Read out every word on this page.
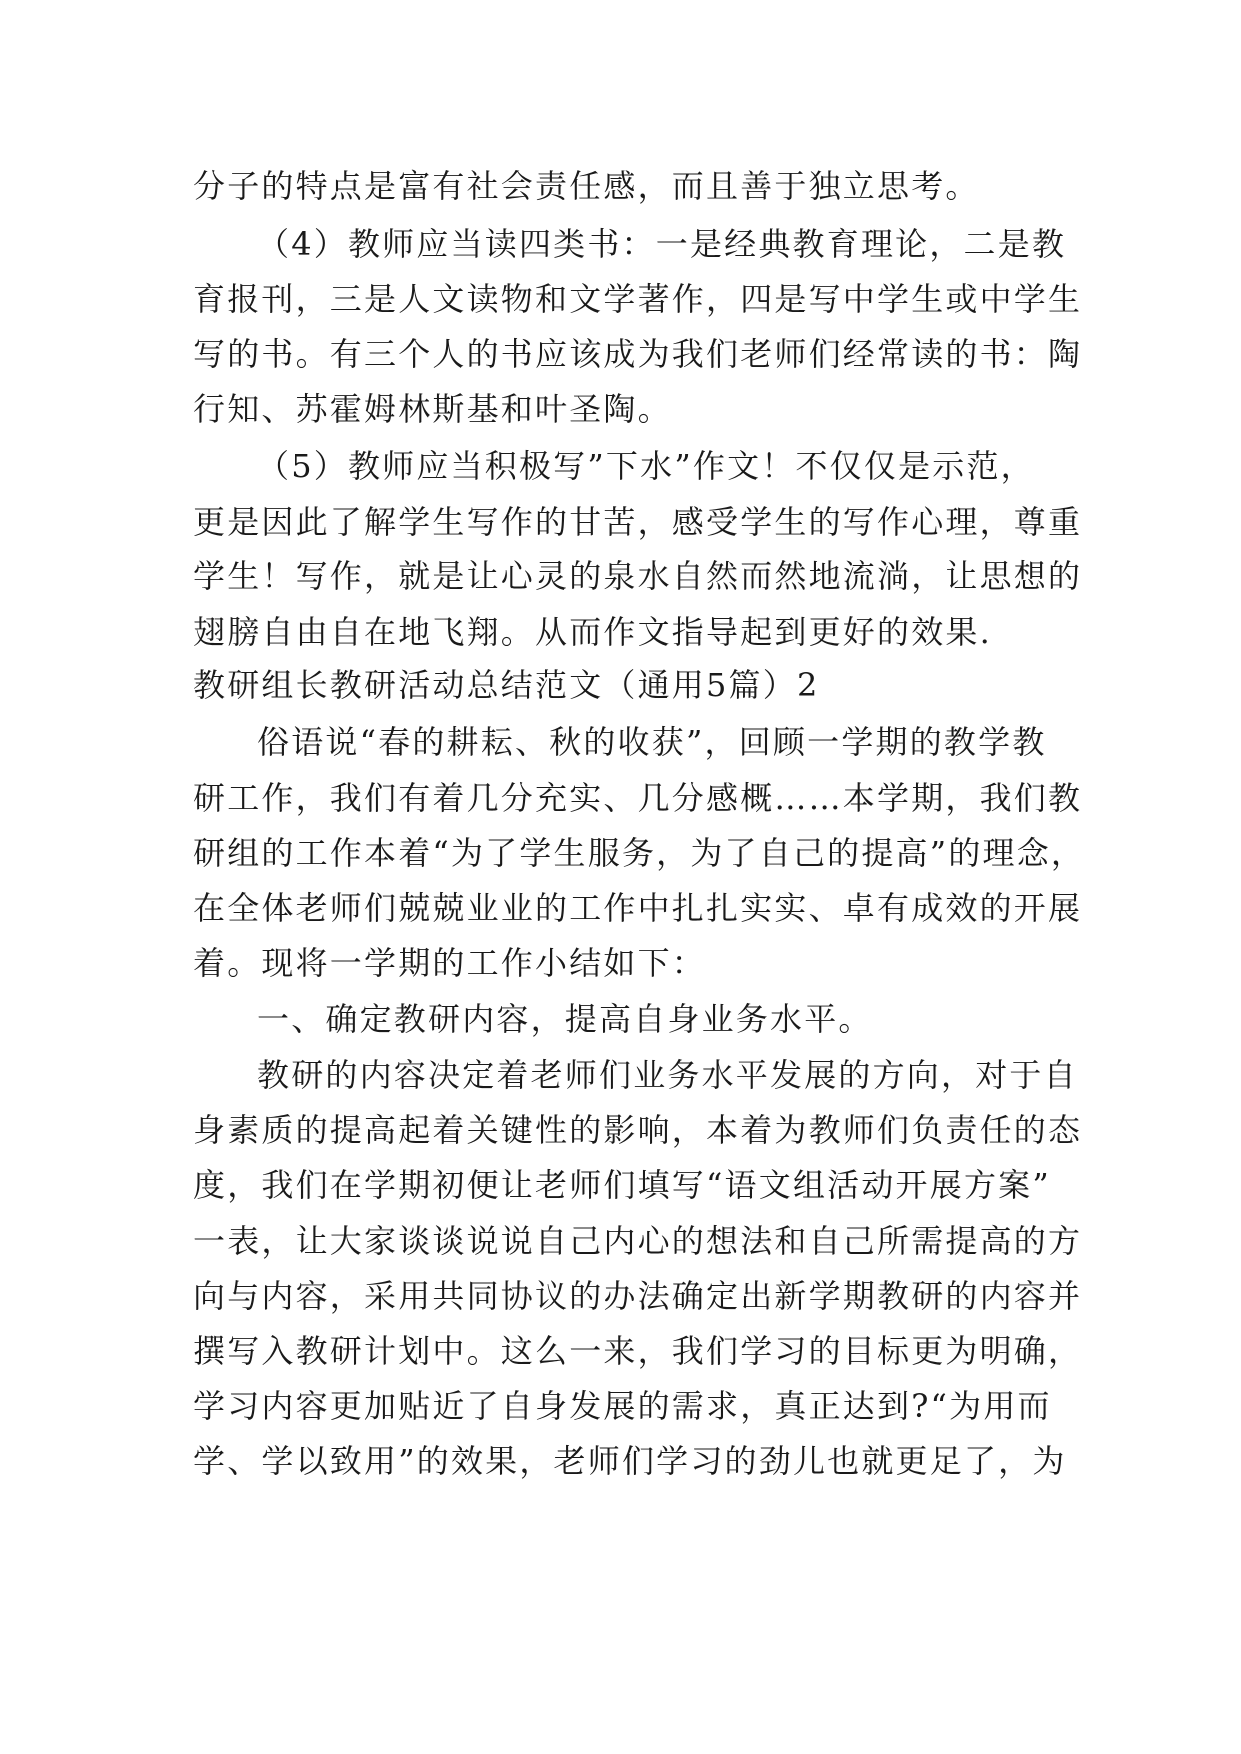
分子的特点是富有社会责任感，而且善于独立思考。
（4）教师应当读四类书：一是经典教育理论，二是教
育报刊，三是人文读物和文学著作，四是写中学生或中学生
写的书。有三个人的书应该成为我们老师们经常读的书：陶
行知、苏霍姆林斯基和叶圣陶。
（5）教师应当积极写”下水”作文！不仅仅是示范，
更是因此了解学生写作的甘苦，感受学生的写作心理，尊重
学生！写作，就是让心灵的泉水自然而然地流淌，让思想的
翅膀自由自在地飞翔。从而作文指导起到更好的效果.
教研组长教研活动总结范文（通用5篇）2
俗语说“春的耕耘、秋的收获”，回顾一学期的教学教
研工作，我们有着几分充实、几分感概……本学期，我们教
研组的工作本着“为了学生服务，为了自己的提高”的理念，
在全体老师们兢兢业业的工作中扎扎实实、卓有成效的开展
着。现将一学期的工作小结如下：
一、确定教研内容，提高自身业务水平。
教研的内容决定着老师们业务水平发展的方向，对于自
身素质的提高起着关键性的影响，本着为教师们负责任的态
度，我们在学期初便让老师们填写“语文组活动开展方案”
一表，让大家谈谈说说自己内心的想法和自己所需提高的方
向与内容，采用共同协议的办法确定出新学期教研的内容并
撰写入教研计划中。这么一来，我们学习的目标更为明确，
学习内容更加贴近了自身发展的需求，真正达到?“为用而
学、学以致用”的效果，老师们学习的劲儿也就更足了，为
